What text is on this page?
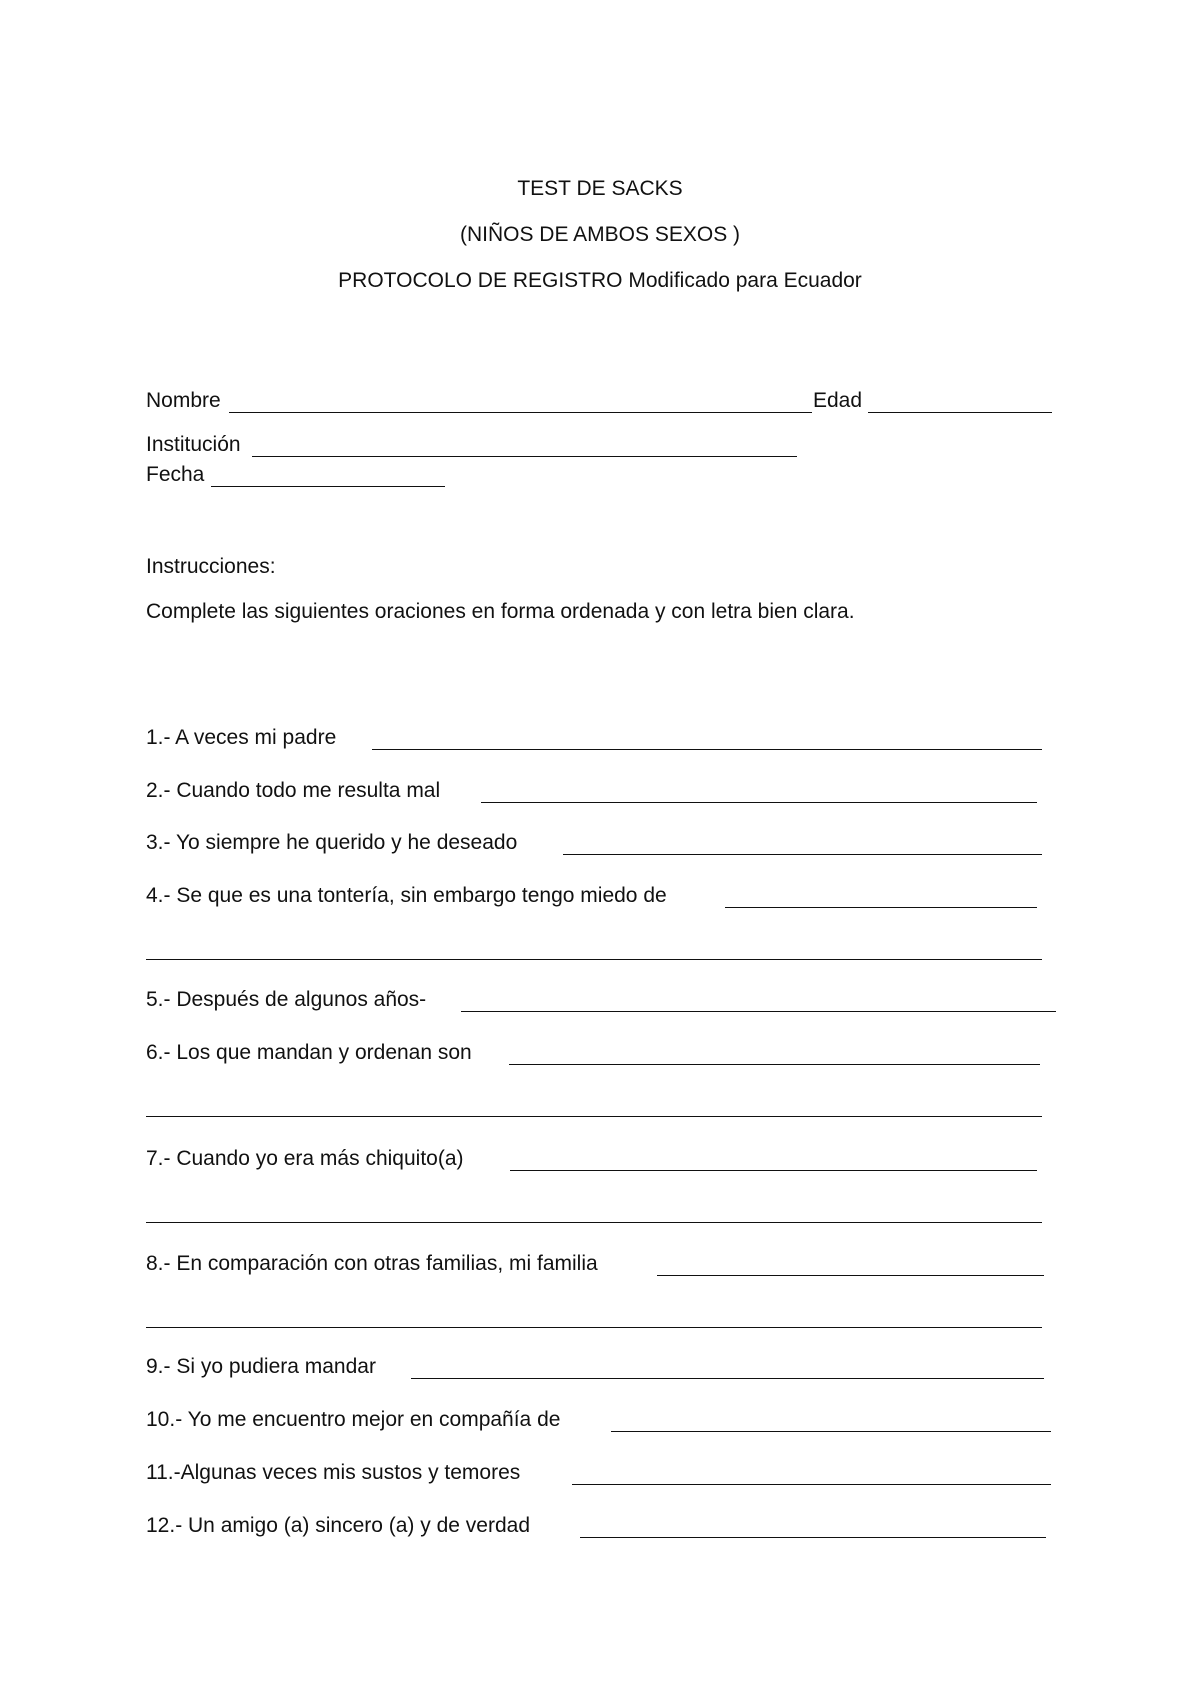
TEST DE SACKS
(NIÑOS DE AMBOS SEXOS )
PROTOCOLO DE REGISTRO Modificado para Ecuador
Nombre	Edad
Institución
Fecha
Instrucciones:
Complete las siguientes oraciones en forma ordenada y con letra bien clara.
1.- A veces mi padre
2.- Cuando todo me resulta mal
3.- Yo siempre he querido y he deseado
4.- Se que es una tontería, sin embargo tengo miedo de
5.- Después de algunos años-
6.- Los que mandan y ordenan son
7.- Cuando yo era más chiquito(a)
8.- En comparación con otras familias, mi familia
9.- Si yo pudiera mandar
10.- Yo me encuentro mejor en compañía de
11.-Algunas veces mis sustos y temores
12.- Un amigo (a) sincero (a) y de verdad
